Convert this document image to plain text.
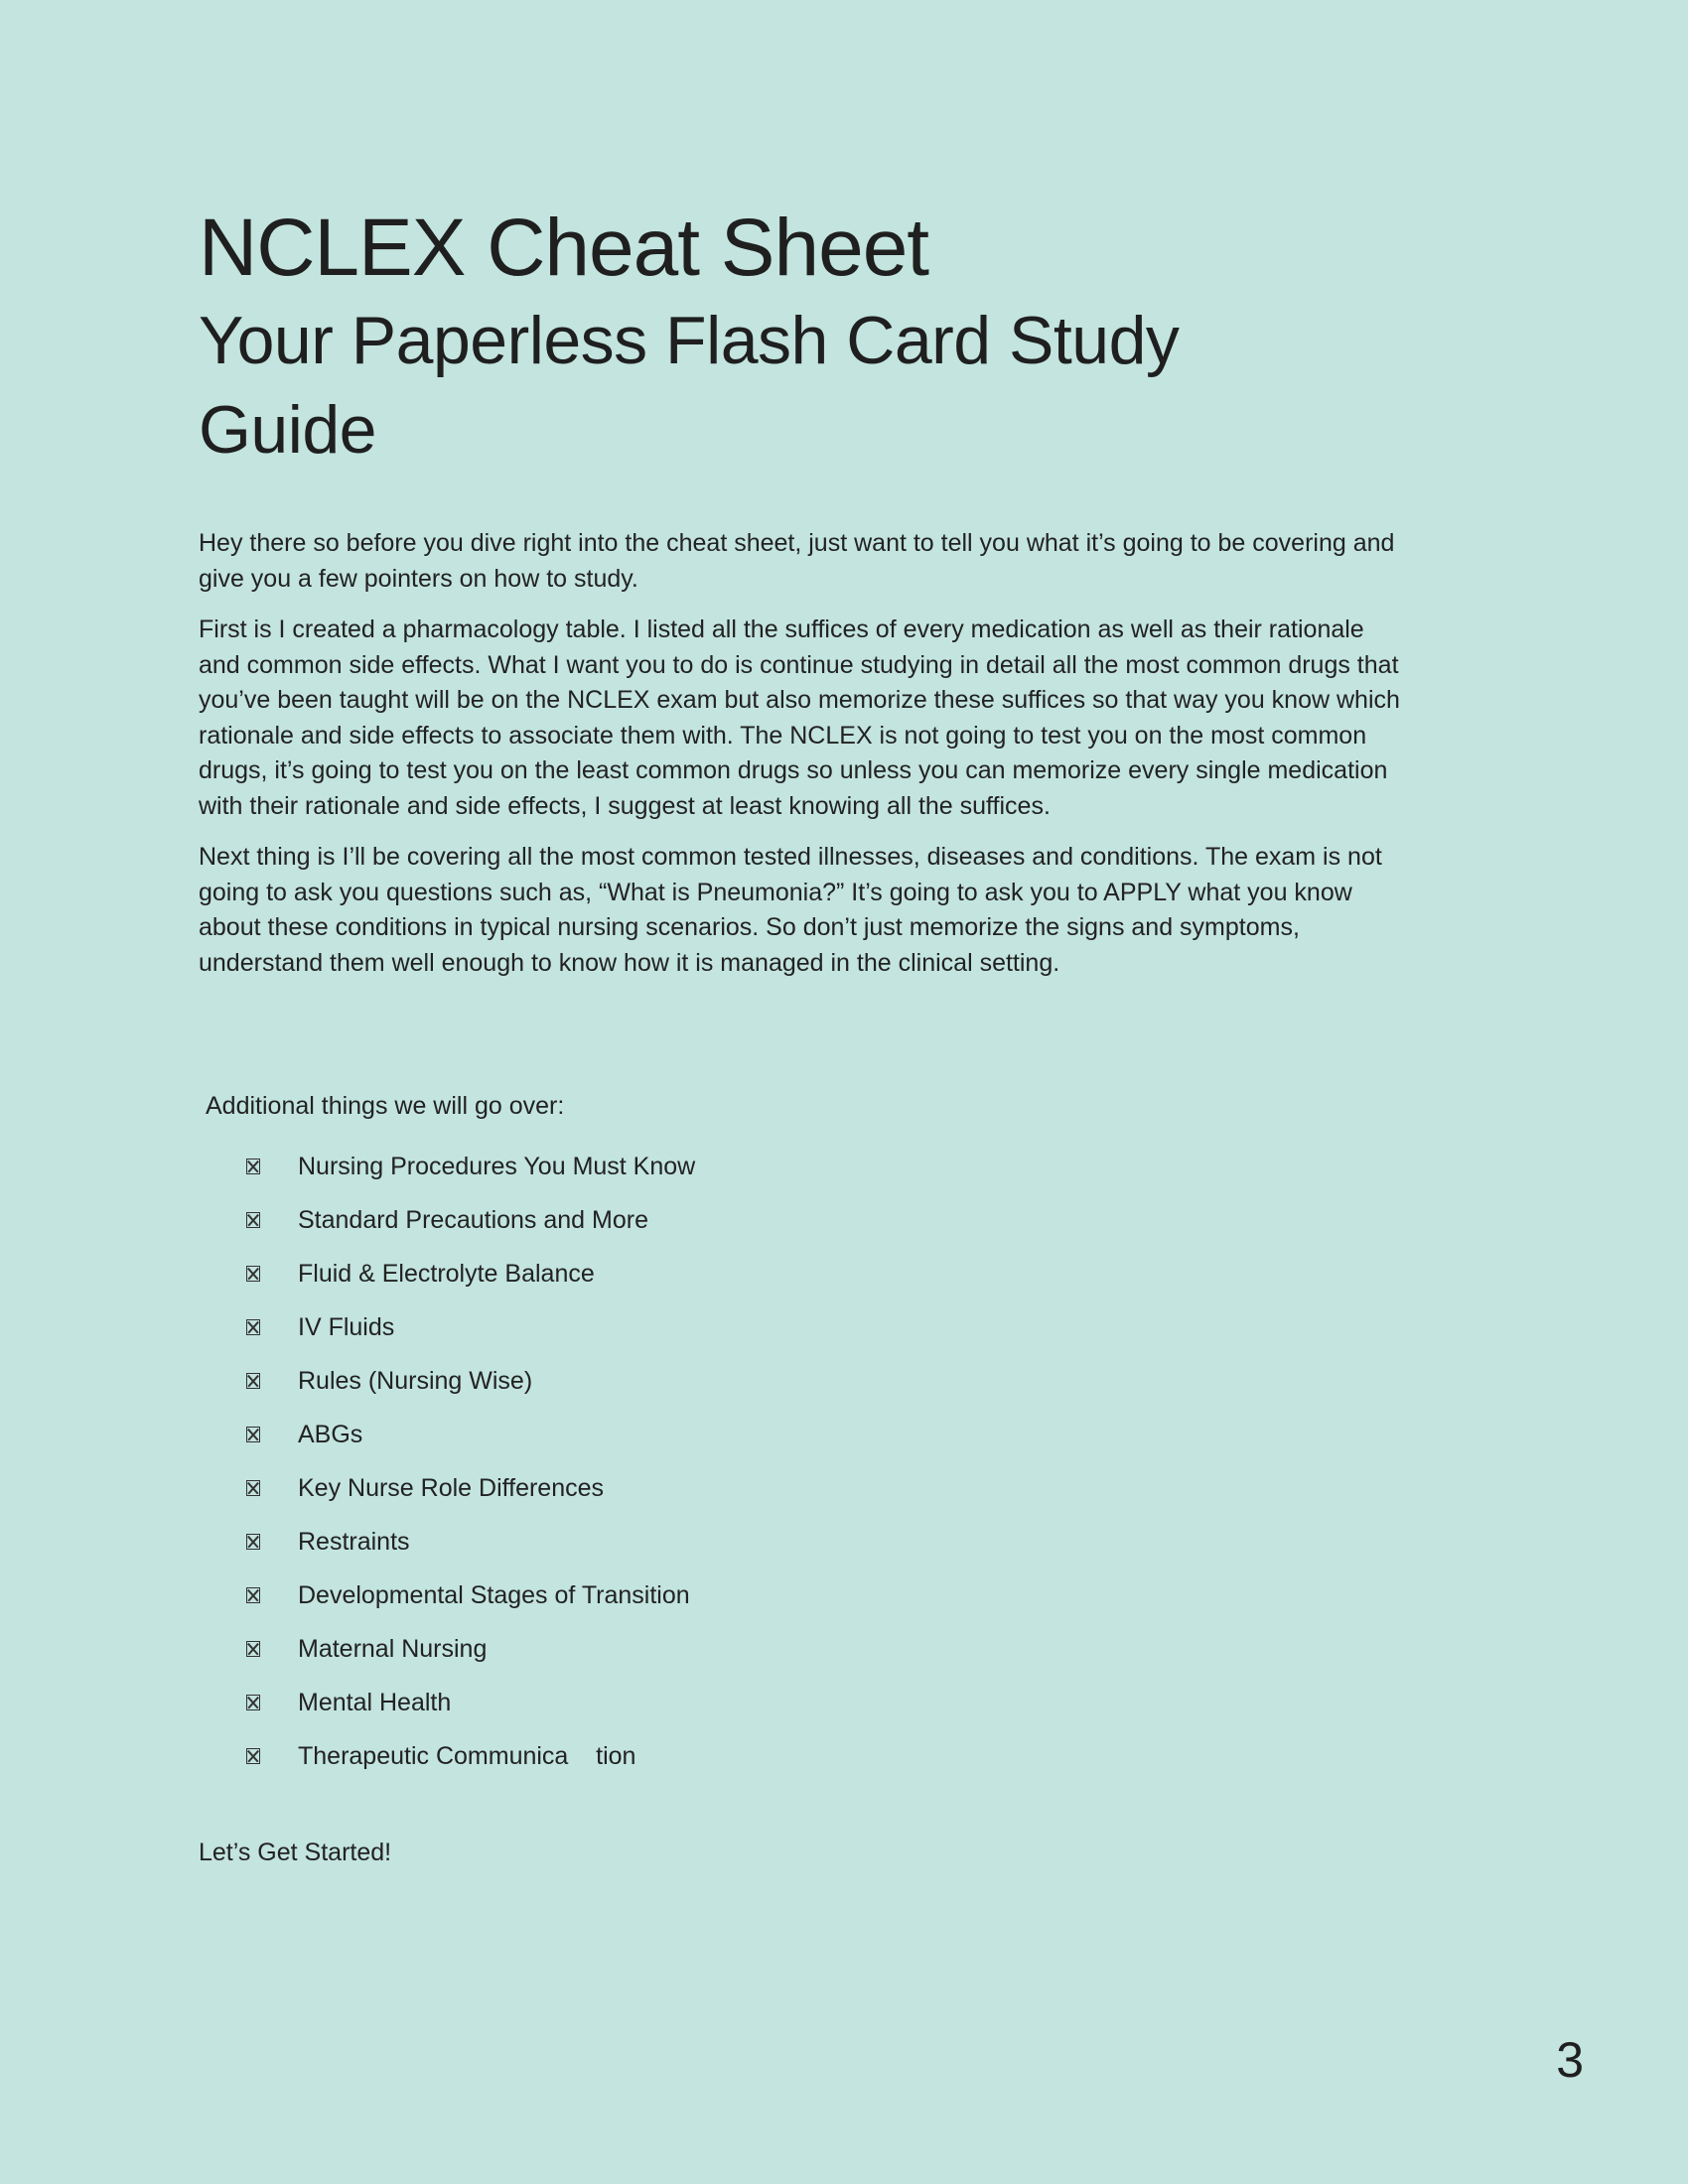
NCLEX Cheat Sheet
Your Paperless Flash Card Study Guide

Hey there so before you dive right into the cheat sheet, just want to tell you what it’s going to be covering and give you a few pointers on how to study.

First is I created a pharmacology table. I listed all the suffices of every medication as well as their rationale and common side effects. What I want you to do is continue studying in detail all the most common drugs that you’ve been taught will be on the NCLEX exam but also memorize these suffices so that way you know which rationale and side effects to associate them with. The NCLEX is not going to test you on the most common drugs, it’s going to test you on the least common drugs so unless you can memorize every single medication with their rationale and side effects, I suggest at least knowing all the suffices.

Next thing is I’ll be covering all the most common tested illnesses, diseases and conditions. The exam is not going to ask you questions such as, “What is Pneumonia?” It’s going to ask you to APPLY what you know about these conditions in typical nursing scenarios. So don’t just memorize the signs and symptoms, understand them well enough to know how it is managed in the clinical setting.

Additional things we will go over:

Nursing Procedures You Must Know
Standard Precautions and More
Fluid & Electrolyte Balance
IV Fluids
Rules (Nursing Wise)
ABGs
Key Nurse Role Differences
Restraints
Developmental Stages of Transition
Maternal Nursing
Mental Health
Therapeutic Communica    tion

Let’s Get Started!

3
